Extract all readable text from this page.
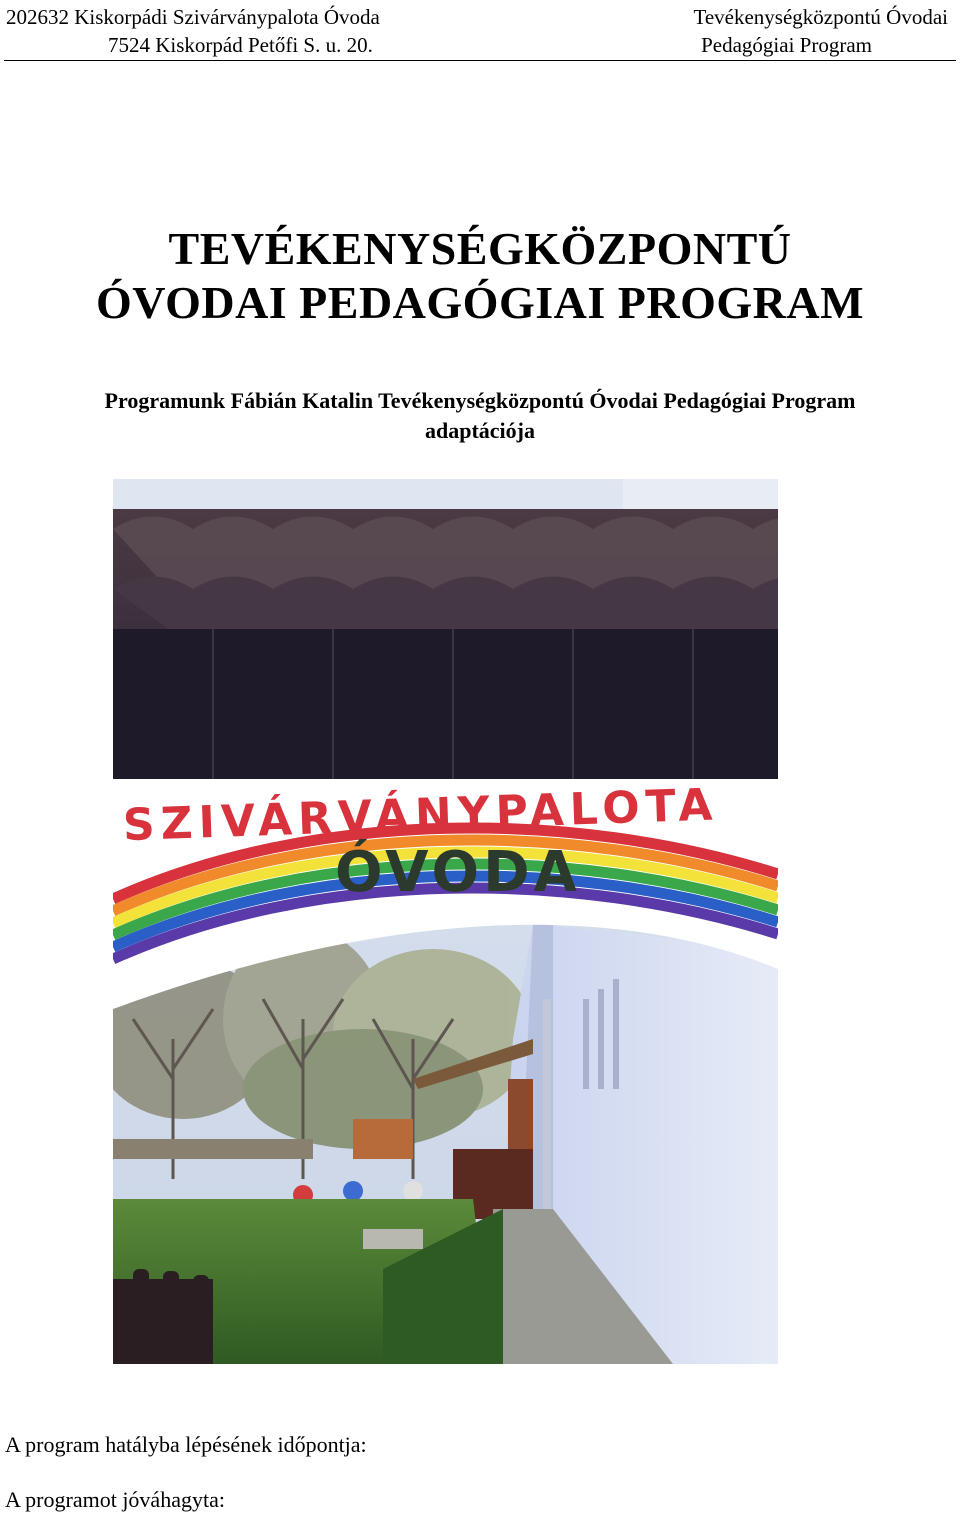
202632 Kiskorpádi Szivárványpalota Óvoda
7524 Kiskorpád Petőfi S. u. 20.
Tevékenységközpontú Óvodai
Pedagógiai Program
TEVÉKENYSÉGKÖZPONTÚ
ÓVODAI PEDAGÓGIAI PROGRAM
Programunk Fábián Katalin Tevékenységközpontú Óvodai Pedagógiai Program
adaptációja
SZIVÁRVÁNYPALOTA
ÓVODA
A program hatályba lépésének időpontja:
A programot jóváhagyta:
